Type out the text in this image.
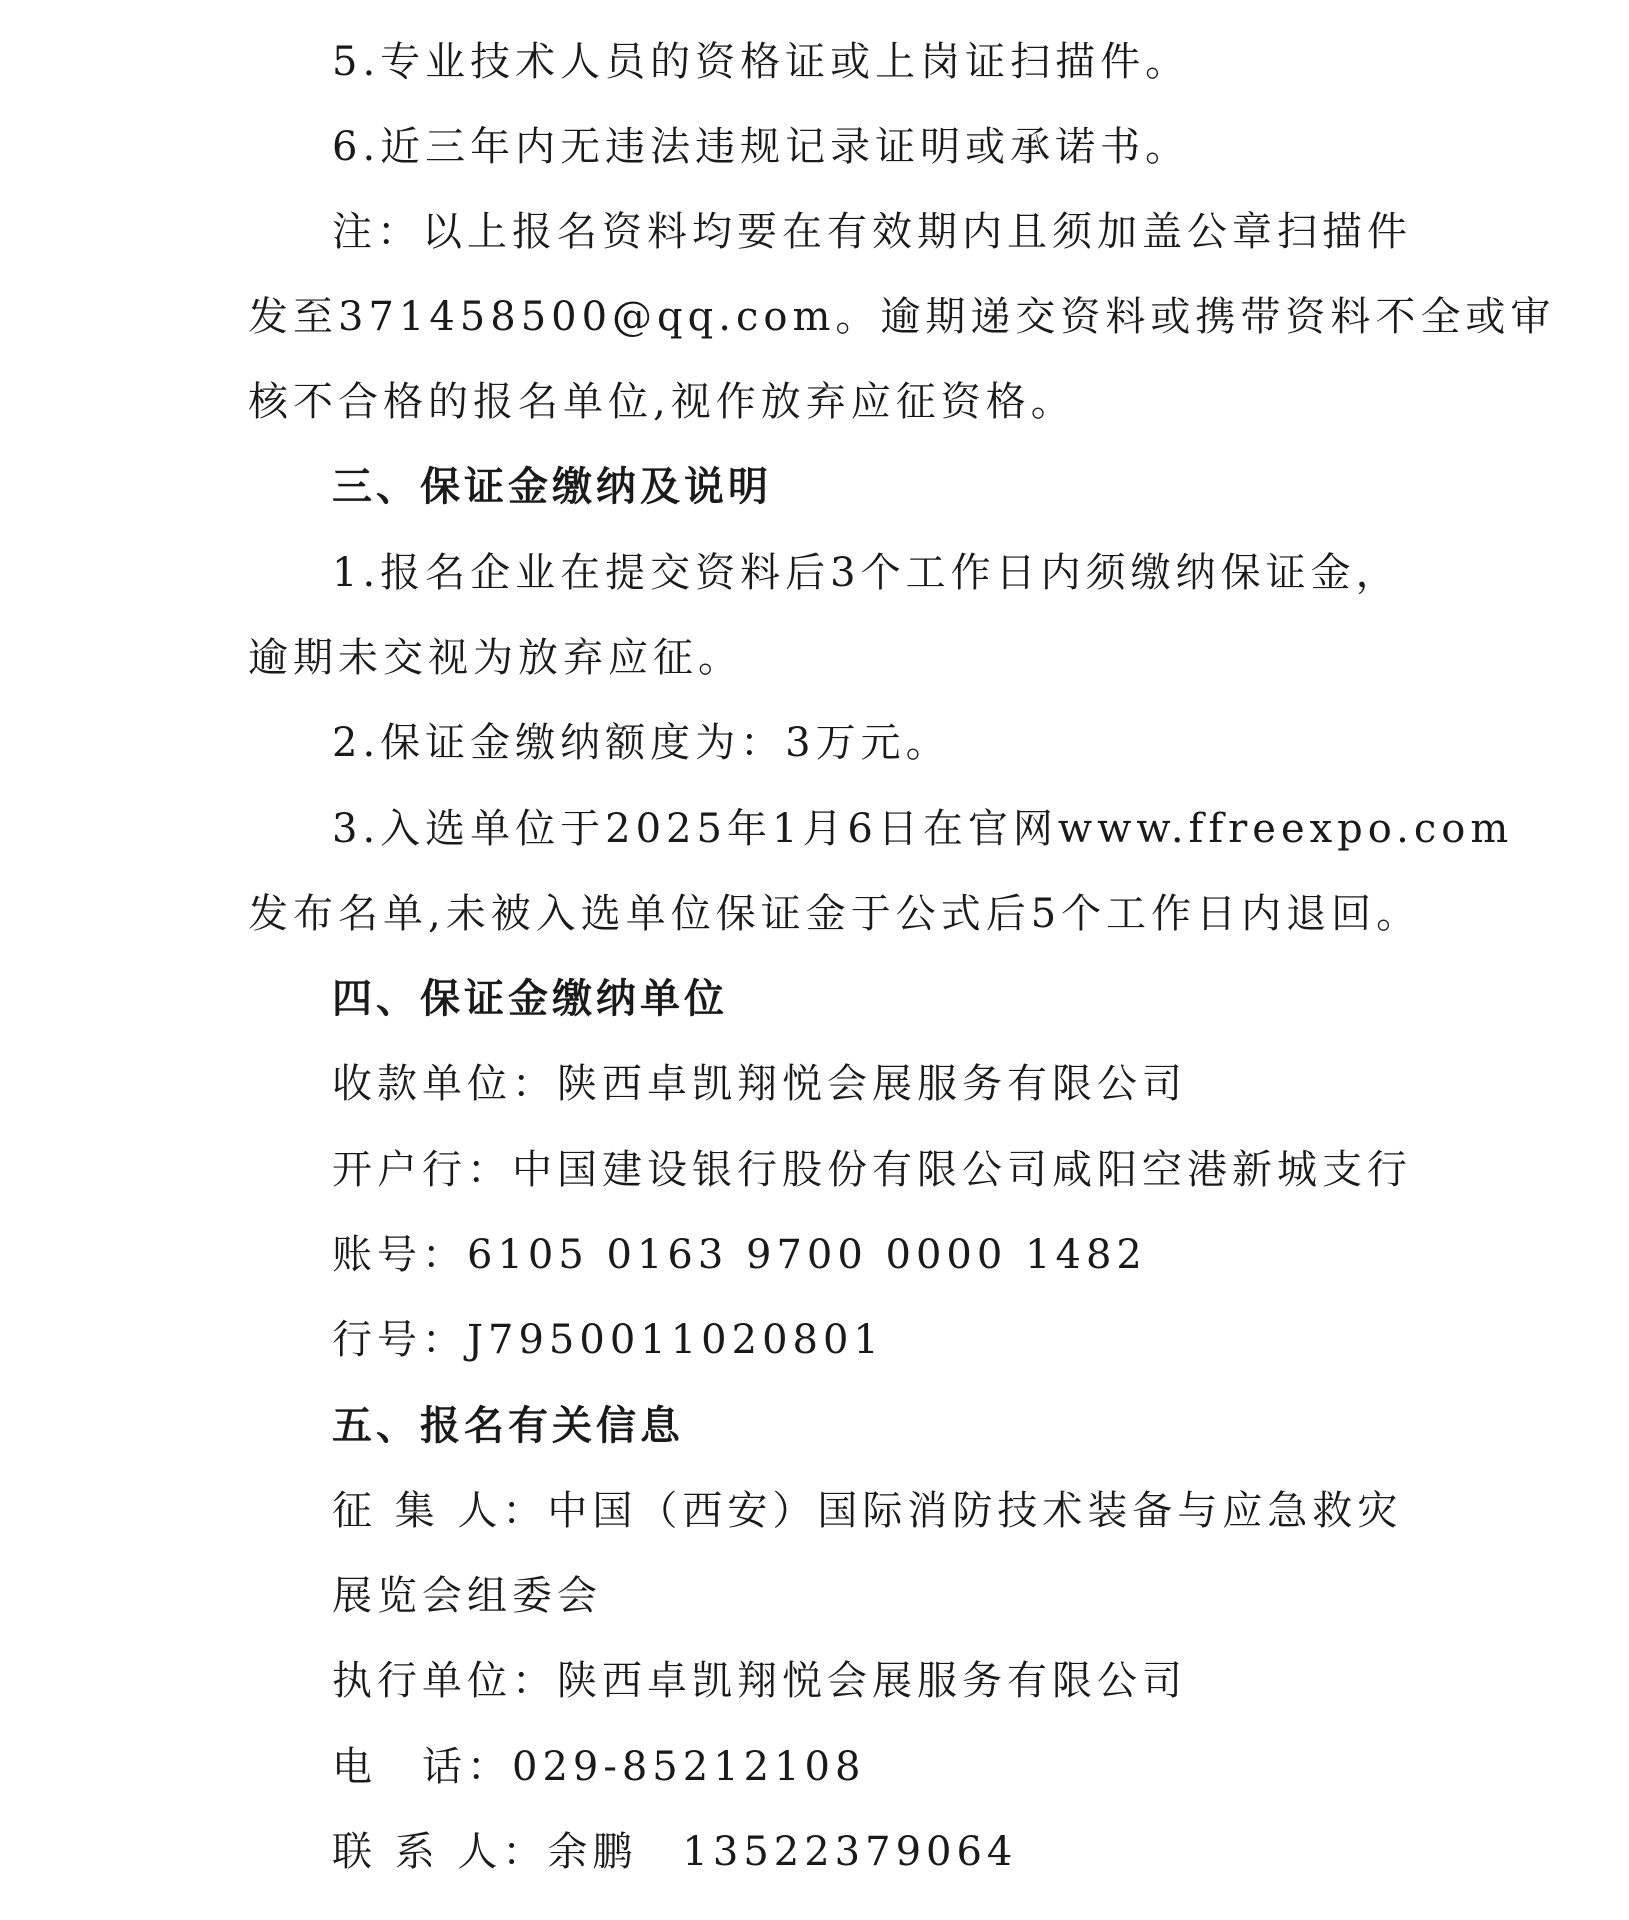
5.专业技术人员的资格证或上岗证扫描件。
6.近三年内无违法违规记录证明或承诺书。
注：以上报名资料均要在有效期内且须加盖公章扫描件
发至371458500@qq.com。逾期递交资料或携带资料不全或审
核不合格的报名单位,视作放弃应征资格。
三、保证金缴纳及说明
1.报名企业在提交资料后3个工作日内须缴纳保证金，
逾期未交视为放弃应征。
2.保证金缴纳额度为：3万元。
3.入选单位于2025年1月6日在官网www.ffreexpo.com
发布名单,未被入选单位保证金于公式后5个工作日内退回。
四、保证金缴纳单位
收款单位：陕西卓凯翔悦会展服务有限公司
开户行：中国建设银行股份有限公司咸阳空港新城支行
账号：6105 0163 9700 0000 1482
行号：J7950011020801
五、报名有关信息
征 集 人：中国（西安）国际消防技术装备与应急救灾
展览会组委会
执行单位：陕西卓凯翔悦会展服务有限公司
电　话：029-85212108
联 系 人：余鹏　13522379064
